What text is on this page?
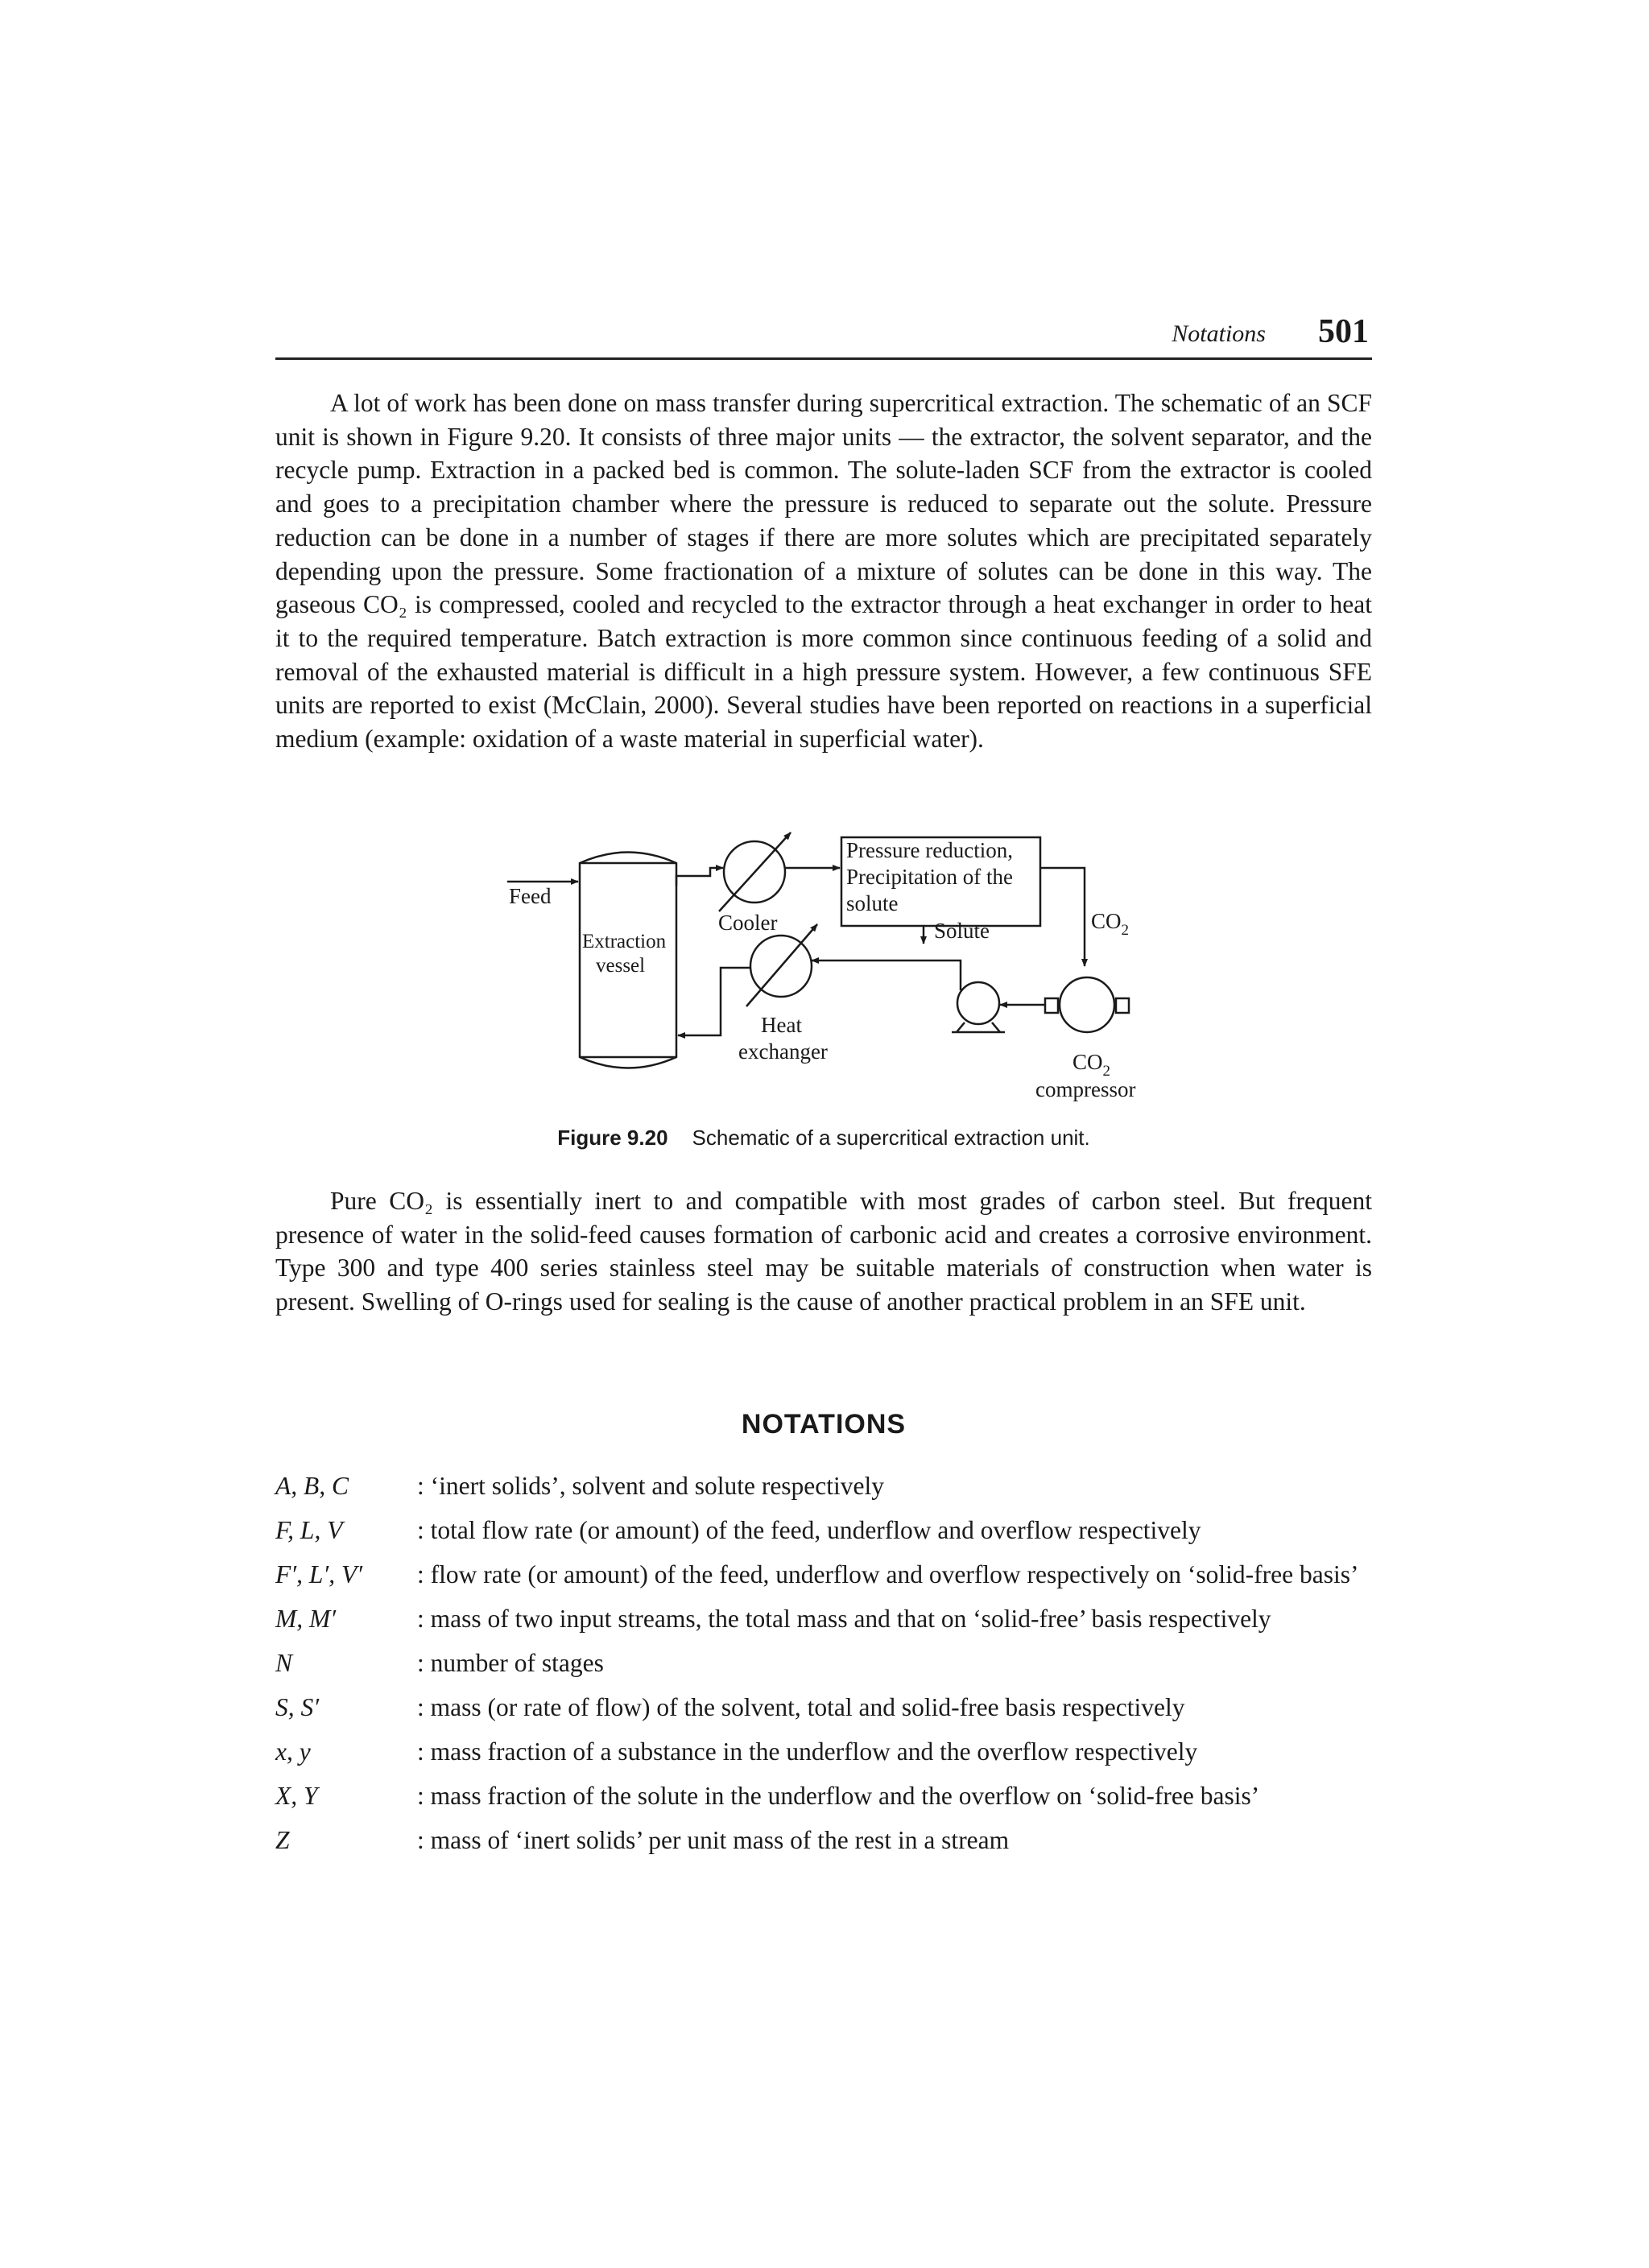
Notations 501

A lot of work has been done on mass transfer during supercritical extraction. The schematic of an SCF unit is shown in Figure 9.20. It consists of three major units — the extractor, the solvent separator, and the recycle pump. Extraction in a packed bed is common. The solute-laden SCF from the extractor is cooled and goes to a precipitation chamber where the pressure is reduced to separate out the solute. Pressure reduction can be done in a number of stages if there are more solutes which are precipitated separately depending upon the pressure. Some fractionation of a mixture of solutes can be done in this way. The gaseous CO₂ is compressed, cooled and recycled to the extractor through a heat exchanger in order to heat it to the required temperature. Batch extraction is more common since continuous feeding of a solid and removal of the exhausted material is difficult in a high pressure system. However, a few continuous SFE units are reported to exist (McClain, 2000). Several studies have been reported on reactions in a superficial medium (example: oxidation of a waste material in superficial water).

Feed
Extraction
vessel
Cooler
Pressure reduction,
Precipitation of the
solute
Solute	$CO_2$
Heat
exchanger	$CO_2$
compressor
Figure 9.20 Schematic of a supercritical extraction unit.

Pure CO₂ is essentially inert to and compatible with most grades of carbon steel. But frequent presence of water in the solid-feed causes formation of carbonic acid and creates a corrosive environment. Type 300 and type 400 series stainless steel may be suitable materials of construction when water is present. Swelling of O-rings used for sealing is the cause of another practical problem in an SFE unit.

NOTATIONS
A, B, C	: ‘inert solids’, solvent and solute respectively
F, L, V	: total flow rate (or amount) of the feed, underflow and overflow respectively
F′, L′, V′	: flow rate (or amount) of the feed, underflow and overflow respectively on ‘solid-free basis’
M, M′	: mass of two input streams, the total mass and that on ‘solid-free’ basis respectively
N	: number of stages
S, S′	: mass (or rate of flow) of the solvent, total and solid-free basis respectively
x, y	: mass fraction of a substance in the underflow and the overflow respectively
X, Y	: mass fraction of the solute in the underflow and the overflow on ‘solid-free basis’
Z	: mass of ‘inert solids’ per unit mass of the rest in a stream
